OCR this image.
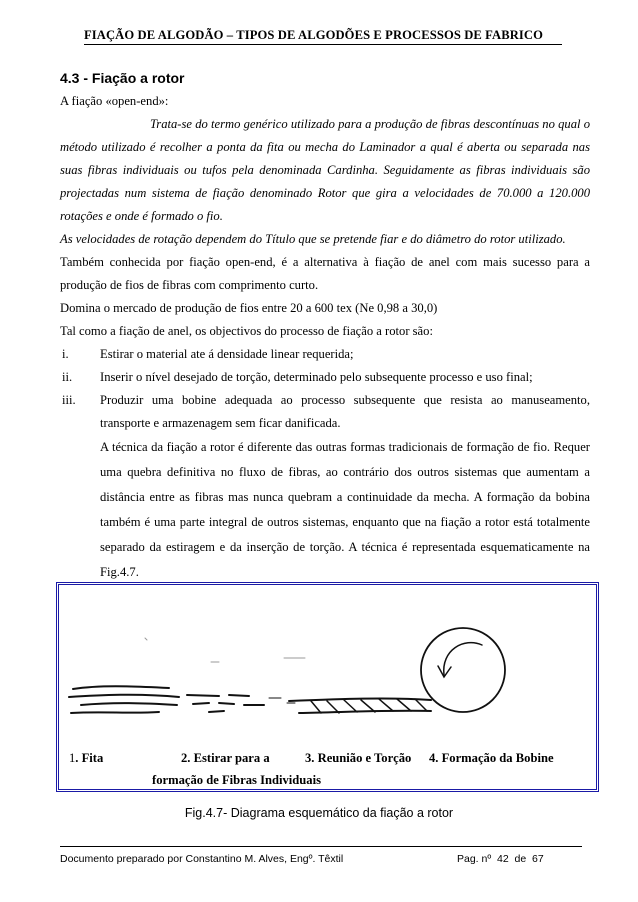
FIAÇÃO DE ALGODÃO – TIPOS DE ALGODÕES E PROCESSOS DE FABRICO
4.3 - Fiação a rotor

A fiação «open-end»:

Trata-se do termo genérico utilizado para a produção de fibras descontínuas no qual o método utilizado é recolher a ponta da fita ou mecha do Laminador a qual é aberta ou separada nas suas fibras individuais ou tufos pela denominada Cardinha. Seguidamente as fibras individuais são projectadas num sistema de fiação denominado Rotor que gira a velocidades de 70.000 a 120.000 rotações e onde é formado o fio.

As velocidades de rotação dependem do Título que se pretende fiar e do diâmetro do rotor utilizado.

Também conhecida por fiação open-end, é a alternativa à fiação de anel com mais sucesso para a produção de fios de fibras com comprimento curto.

Domina o mercado de produção de fios entre 20 a 600 tex (Ne 0,98 a 30,0)

Tal como a fiação de anel, os objectivos do processo de fiação a rotor são:

i.	Estirar o material ate á densidade linear requerida;
ii.	Inserir o nível desejado de torção, determinado pelo subsequente processo e uso final;
iii.	Produzir uma bobine adequada ao processo subsequente que resista ao manuseamento, transporte e armazenagem sem ficar danificada.
A técnica da fiação a rotor é diferente das outras formas tradicionais de formação de fio. Requer uma quebra definitiva no fluxo de fibras, ao contrário dos outros sistemas que aumentam a distância entre as fibras mas nunca quebram a continuidade da mecha. A formação da bobina também é uma parte integral de outros sistemas, enquanto que na fiação a rotor está totalmente separado da estiragem e da inserção de torção. A técnica é representada esquematicamente na Fig.4.7.
1. Fita	2. Estirar para a
formação de Fibras Individuais
3. Reunião e Torção 4. Formação da Bobine
Fig.4.7- Diagrama esquemático da fiação a rotor
Documento preparado por Constantino M. Alves, Engº. Têxtil	Pag. nº  42  de  67
